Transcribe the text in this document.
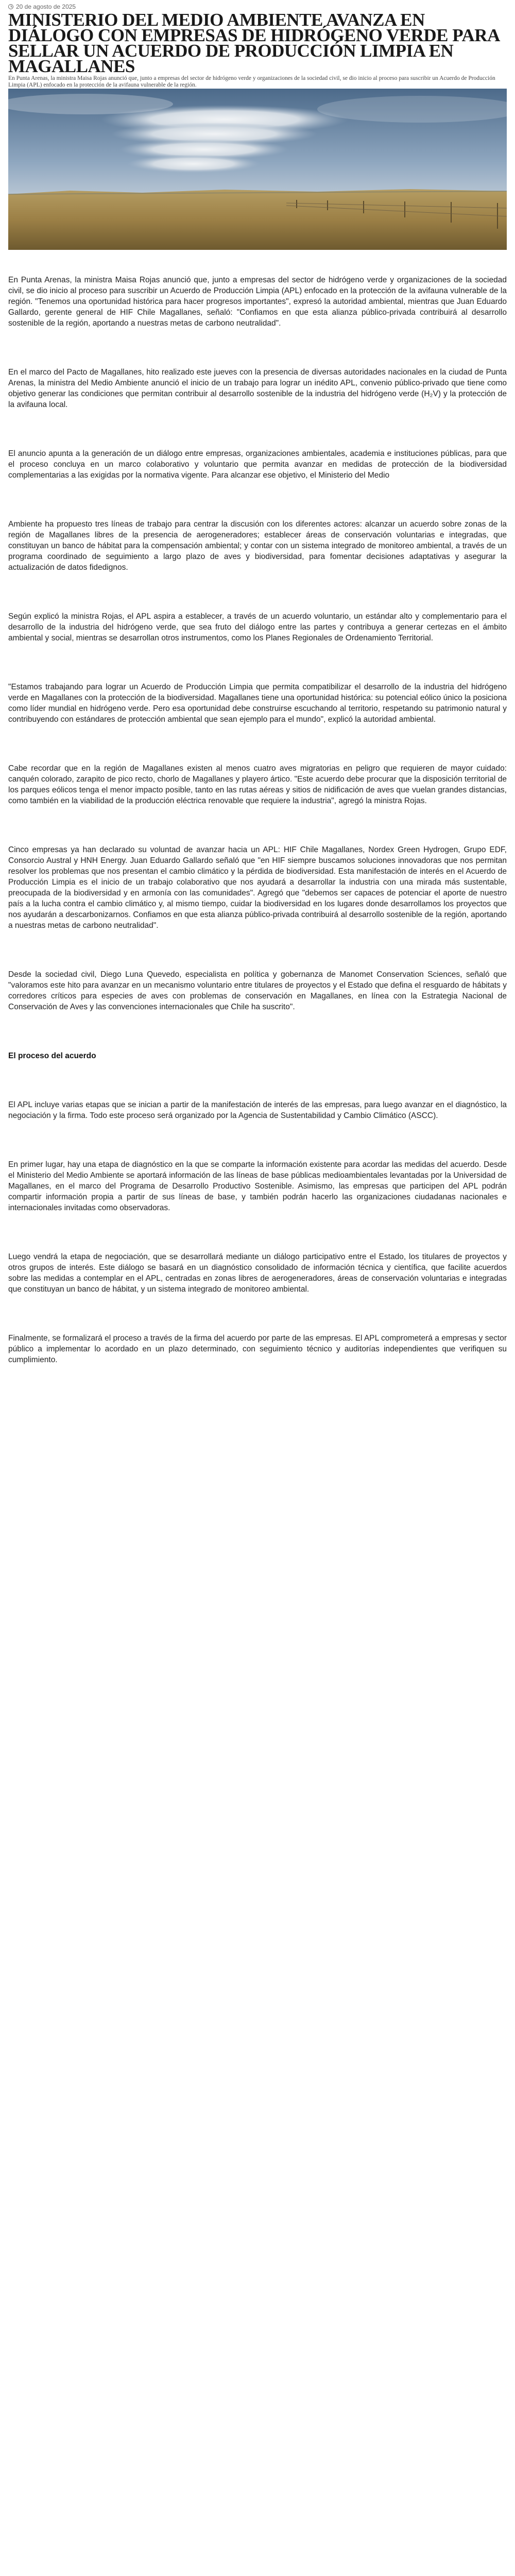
20 de agosto de 2025
MINISTERIO DEL MEDIO AMBIENTE AVANZA EN DIÁLOGO CON EMPRESAS DE HIDRÓGENO VERDE PARA SELLAR UN ACUERDO DE PRODUCCIÓN LIMPIA EN MAGALLANES

En Punta Arenas, la ministra Maisa Rojas anunció que, junto a empresas del sector de hidrógeno verde y organizaciones de la sociedad civil, se dio inicio al proceso para suscribir un Acuerdo de Producción Limpia (APL) enfocado en la protección de la avifauna vulnerable de la región.

En Punta Arenas, la ministra Maisa Rojas anunció que, junto a empresas del sector de hidrógeno verde y organizaciones de la sociedad civil, se dio inicio al proceso para suscribir un Acuerdo de Producción Limpia (APL) enfocado en la protección de la avifauna vulnerable de la región. "Tenemos una oportunidad histórica para hacer progresos importantes", expresó la autoridad ambiental, mientras que Juan Eduardo Gallardo, gerente general de HIF Chile Magallanes, señaló: "Confiamos en que esta alianza público-privada contribuirá al desarrollo sostenible de la región, aportando a nuestras metas de carbono neutralidad".

En el marco del Pacto de Magallanes, hito realizado este jueves con la presencia de diversas autoridades nacionales en la ciudad de Punta Arenas, la ministra del Medio Ambiente anunció el inicio de un trabajo para lograr un inédito APL, convenio público-privado que tiene como objetivo generar las condiciones que permitan contribuir al desarrollo sostenible de la industria del hidrógeno verde (H₂V) y la protección de la avifauna local.

El anuncio apunta a la generación de un diálogo entre empresas, organizaciones ambientales, academia e instituciones públicas, para que el proceso concluya en un marco colaborativo y voluntario que permita avanzar en medidas de protección de la biodiversidad complementarias a las exigidas por la normativa vigente. Para alcanzar ese objetivo, el Ministerio del Medio

Ambiente ha propuesto tres líneas de trabajo para centrar la discusión con los diferentes actores: alcanzar un acuerdo sobre zonas de la región de Magallanes libres de la presencia de aerogeneradores; establecer áreas de conservación voluntarias e integradas, que constituyan un banco de hábitat para la compensación ambiental; y contar con un sistema integrado de monitoreo ambiental, a través de un programa coordinado de seguimiento a largo plazo de aves y biodiversidad, para fomentar decisiones adaptativas y asegurar la actualización de datos fidedignos.

Según explicó la ministra Rojas, el APL aspira a establecer, a través de un acuerdo voluntario, un estándar alto y complementario para el desarrollo de la industria del hidrógeno verde, que sea fruto del diálogo entre las partes y contribuya a generar certezas en el ámbito ambiental y social, mientras se desarrollan otros instrumentos, como los Planes Regionales de Ordenamiento Territorial.

"Estamos trabajando para lograr un Acuerdo de Producción Limpia que permita compatibilizar el desarrollo de la industria del hidrógeno verde en Magallanes con la protección de la biodiversidad. Magallanes tiene una oportunidad histórica: su potencial eólico único la posiciona como líder mundial en hidrógeno verde. Pero esa oportunidad debe construirse escuchando al territorio, respetando su patrimonio natural y contribuyendo con estándares de protección ambiental que sean ejemplo para el mundo", explicó la autoridad ambiental.

Cabe recordar que en la región de Magallanes existen al menos cuatro aves migratorias en peligro que requieren de mayor cuidado: canquén colorado, zarapito de pico recto, chorlo de Magallanes y playero ártico. "Este acuerdo debe procurar que la disposición territorial de los parques eólicos tenga el menor impacto posible, tanto en las rutas aéreas y sitios de nidificación de aves que vuelan grandes distancias, como también en la viabilidad de la producción eléctrica renovable que requiere la industria", agregó la ministra Rojas.

Cinco empresas ya han declarado su voluntad de avanzar hacia un APL: HIF Chile Magallanes, Nordex Green Hydrogen, Grupo EDF, Consorcio Austral y HNH Energy. Juan Eduardo Gallardo señaló que "en HIF siempre buscamos soluciones innovadoras que nos permitan resolver los problemas que nos presentan el cambio climático y la pérdida de biodiversidad. Esta manifestación de interés en el Acuerdo de Producción Limpia es el inicio de un trabajo colaborativo que nos ayudará a desarrollar la industria con una mirada más sustentable, preocupada de la biodiversidad y en armonía con las comunidades". Agregó que "debemos ser capaces de potenciar el aporte de nuestro país a la lucha contra el cambio climático y, al mismo tiempo, cuidar la biodiversidad en los lugares donde desarrollamos los proyectos que nos ayudarán a descarbonizarnos. Confiamos en que esta alianza público-privada contribuirá al desarrollo sostenible de la región, aportando a nuestras metas de carbono neutralidad".

Desde la sociedad civil, Diego Luna Quevedo, especialista en política y gobernanza de Manomet Conservation Sciences, señaló que "valoramos este hito para avanzar en un mecanismo voluntario entre titulares de proyectos y el Estado que defina el resguardo de hábitats y corredores críticos para especies de aves con problemas de conservación en Magallanes, en línea con la Estrategia Nacional de Conservación de Aves y las convenciones internacionales que Chile ha suscrito".

El proceso del acuerdo

El APL incluye varias etapas que se inician a partir de la manifestación de interés de las empresas, para luego avanzar en el diagnóstico, la negociación y la firma. Todo este proceso será organizado por la Agencia de Sustentabilidad y Cambio Climático (ASCC).

En primer lugar, hay una etapa de diagnóstico en la que se comparte la información existente para acordar las medidas del acuerdo. Desde el Ministerio del Medio Ambiente se aportará información de las líneas de base públicas medioambientales levantadas por la Universidad de Magallanes, en el marco del Programa de Desarrollo Productivo Sostenible. Asimismo, las empresas que participen del APL podrán compartir información propia a partir de sus líneas de base, y también podrán hacerlo las organizaciones ciudadanas nacionales e internacionales invitadas como observadoras.

Luego vendrá la etapa de negociación, que se desarrollará mediante un diálogo participativo entre el Estado, los titulares de proyectos y otros grupos de interés. Este diálogo se basará en un diagnóstico consolidado de información técnica y científica, que facilite acuerdos sobre las medidas a contemplar en el APL, centradas en zonas libres de aerogeneradores, áreas de conservación voluntarias e integradas que constituyan un banco de hábitat, y un sistema integrado de monitoreo ambiental.

Finalmente, se formalizará el proceso a través de la firma del acuerdo por parte de las empresas. El APL comprometerá a empresas y sector público a implementar lo acordado en un plazo determinado, con seguimiento técnico y auditorías independientes que verifiquen su cumplimiento.
